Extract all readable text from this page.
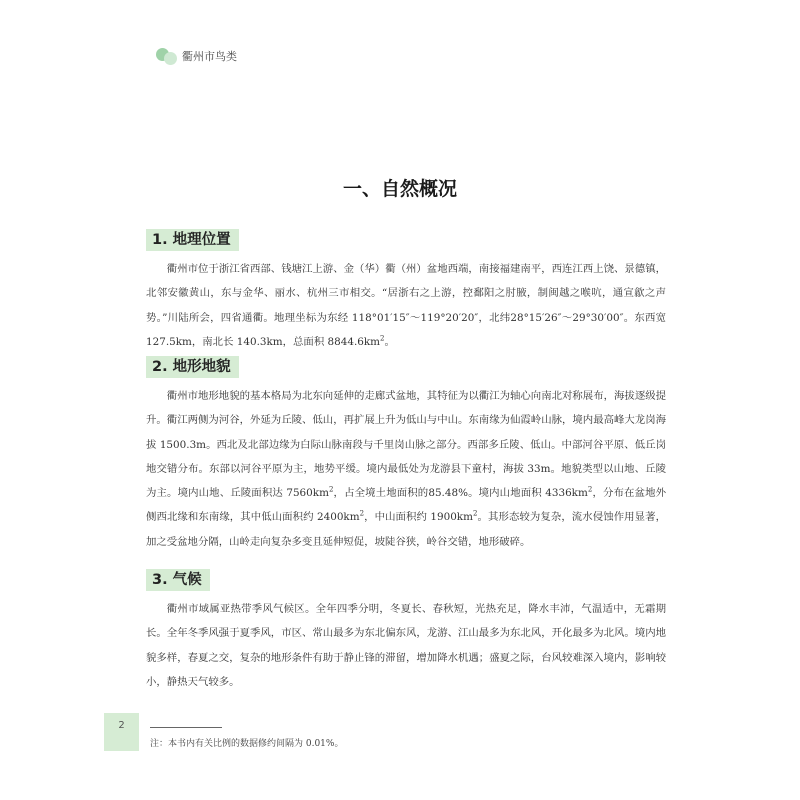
衢州市鸟类
一、自然概况
1. 地理位置
衢州市位于浙江省西部、钱塘江上游、金（华）衢（州）盆地西端，南接福建南平，西连江西上饶、景德镇，北邻安徽黄山，东与金华、丽水、杭州三市相交。“居浙右之上游，控鄱阳之肘腋，制闽越之喉吭，通宣歙之声势。”川陆所会，四省通衢。地理坐标为东经 118°01′15″～119°20′20″，北纬28°15′26″～29°30′00″。东西宽 127.5km，南北长 140.3km，总面积 $8844.6km^2$。
2. 地形地貌
衢州市地形地貌的基本格局为北东向延伸的走廊式盆地，其特征为以衢江为轴心向南北对称展布，海拔逐级提升。衢江两侧为河谷，外延为丘陵、低山，再扩展上升为低山与中山。东南缘为仙霞岭山脉，境内最高峰大龙岗海拔 1500.3m。西北及北部边缘为白际山脉南段与千里岗山脉之部分。西部多丘陵、低山。中部河谷平原、低丘岗地交错分布。东部以河谷平原为主，地势平缓。境内最低处为龙游县下童村，海拔 33m。地貌类型以山地、丘陵为主。境内山地、丘陵面积达 $7560km^2$，占全境土地面积的85.48%。境内山地面积 $4336km^2$，分布在盆地外侧西北缘和东南缘，其中低山面积约 $2400km^2$，中山面积约 $1900km^2$。其形态较为复杂，流水侵蚀作用显著，加之受盆地分隔，山岭走向复杂多变且延伸短促，坡陡谷狭，岭谷交错，地形破碎。
3. 气候
衢州市域属亚热带季风气候区。全年四季分明，冬夏长、春秋短，光热充足，降水丰沛，气温适中，无霜期长。全年冬季风强于夏季风，市区、常山最多为东北偏东风，龙游、江山最多为东北风，开化最多为北风。境内地貌多样，春夏之交，复杂的地形条件有助于静止锋的滞留，增加降水机遇；盛夏之际，台风较难深入境内，影响较小，静热天气较多。
2
注：本书内有关比例的数据修约间隔为 0.01%。
